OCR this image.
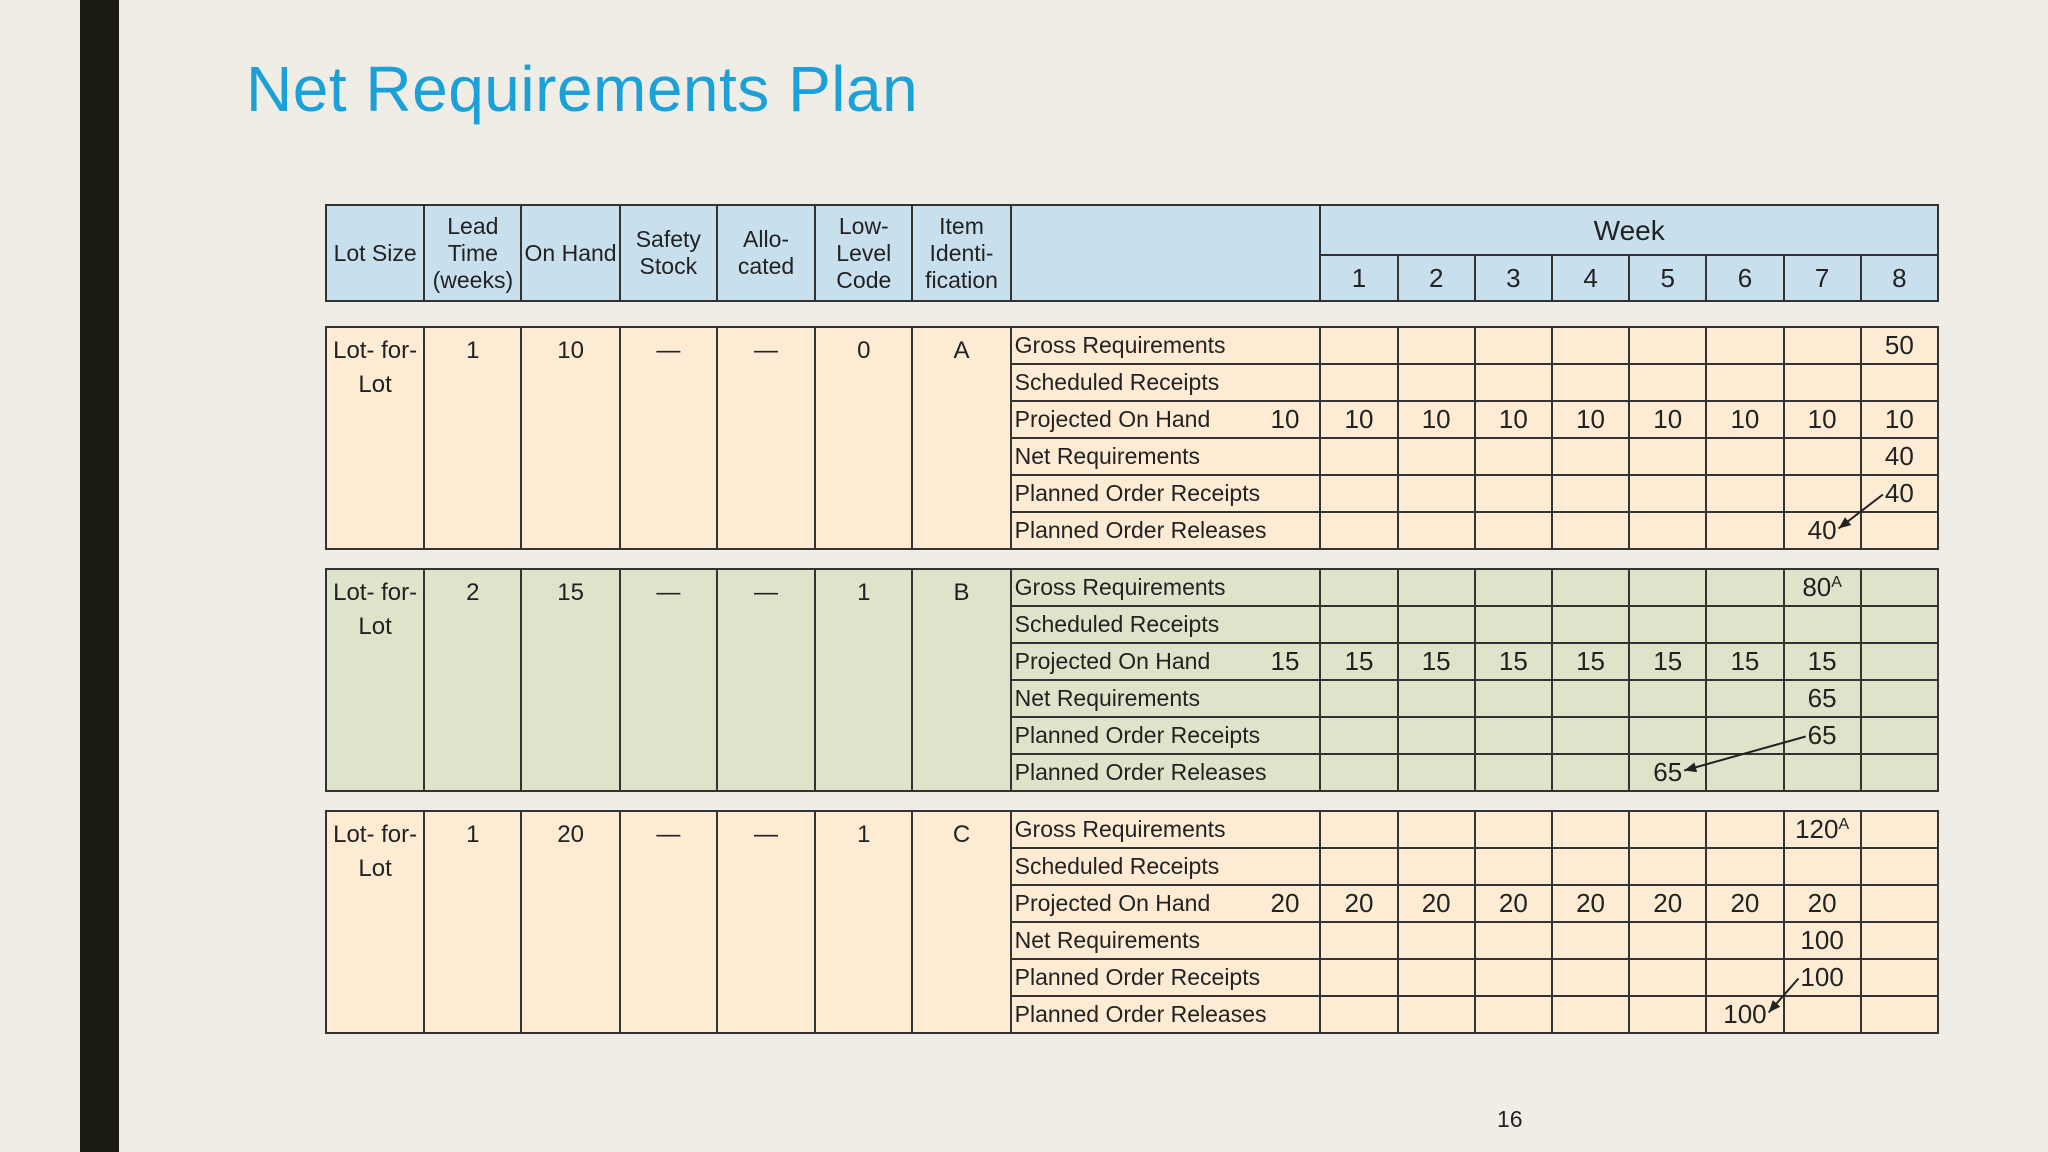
Net Requirements Plan
Lot Size	Lead Time (weeks)	On Hand	Safety Stock	Allo- cated	Low- Level Code	Item Identi- fication		Week							
								1	2	3	4	5	6	7	8
Lot- for- Lot	1	10	—	—	0	A	Gross Requirements									50
							Scheduled Receipts									
							Projected On Hand	10	10	10	10	10	10	10	10	10
							Net Requirements									40
							Planned Order Receipts									40
							Planned Order Releases								40	
Lot- for- Lot	2	15	—	—	1	B	Gross Requirements								$80^A$	
							Scheduled Receipts									
							Projected On Hand	15	15	15	15	15	15	15	15	
							Net Requirements								65	
							Planned Order Receipts								65	
							Planned Order Releases						65			
Lot- for- Lot	1	20	—	—	1	C	Gross Requirements								$120^A$	
							Scheduled Receipts									
							Projected On Hand	20	20	20	20	20	20	20	20	
							Net Requirements								100	
							Planned Order Receipts								100	
							Planned Order Releases							100		
16
